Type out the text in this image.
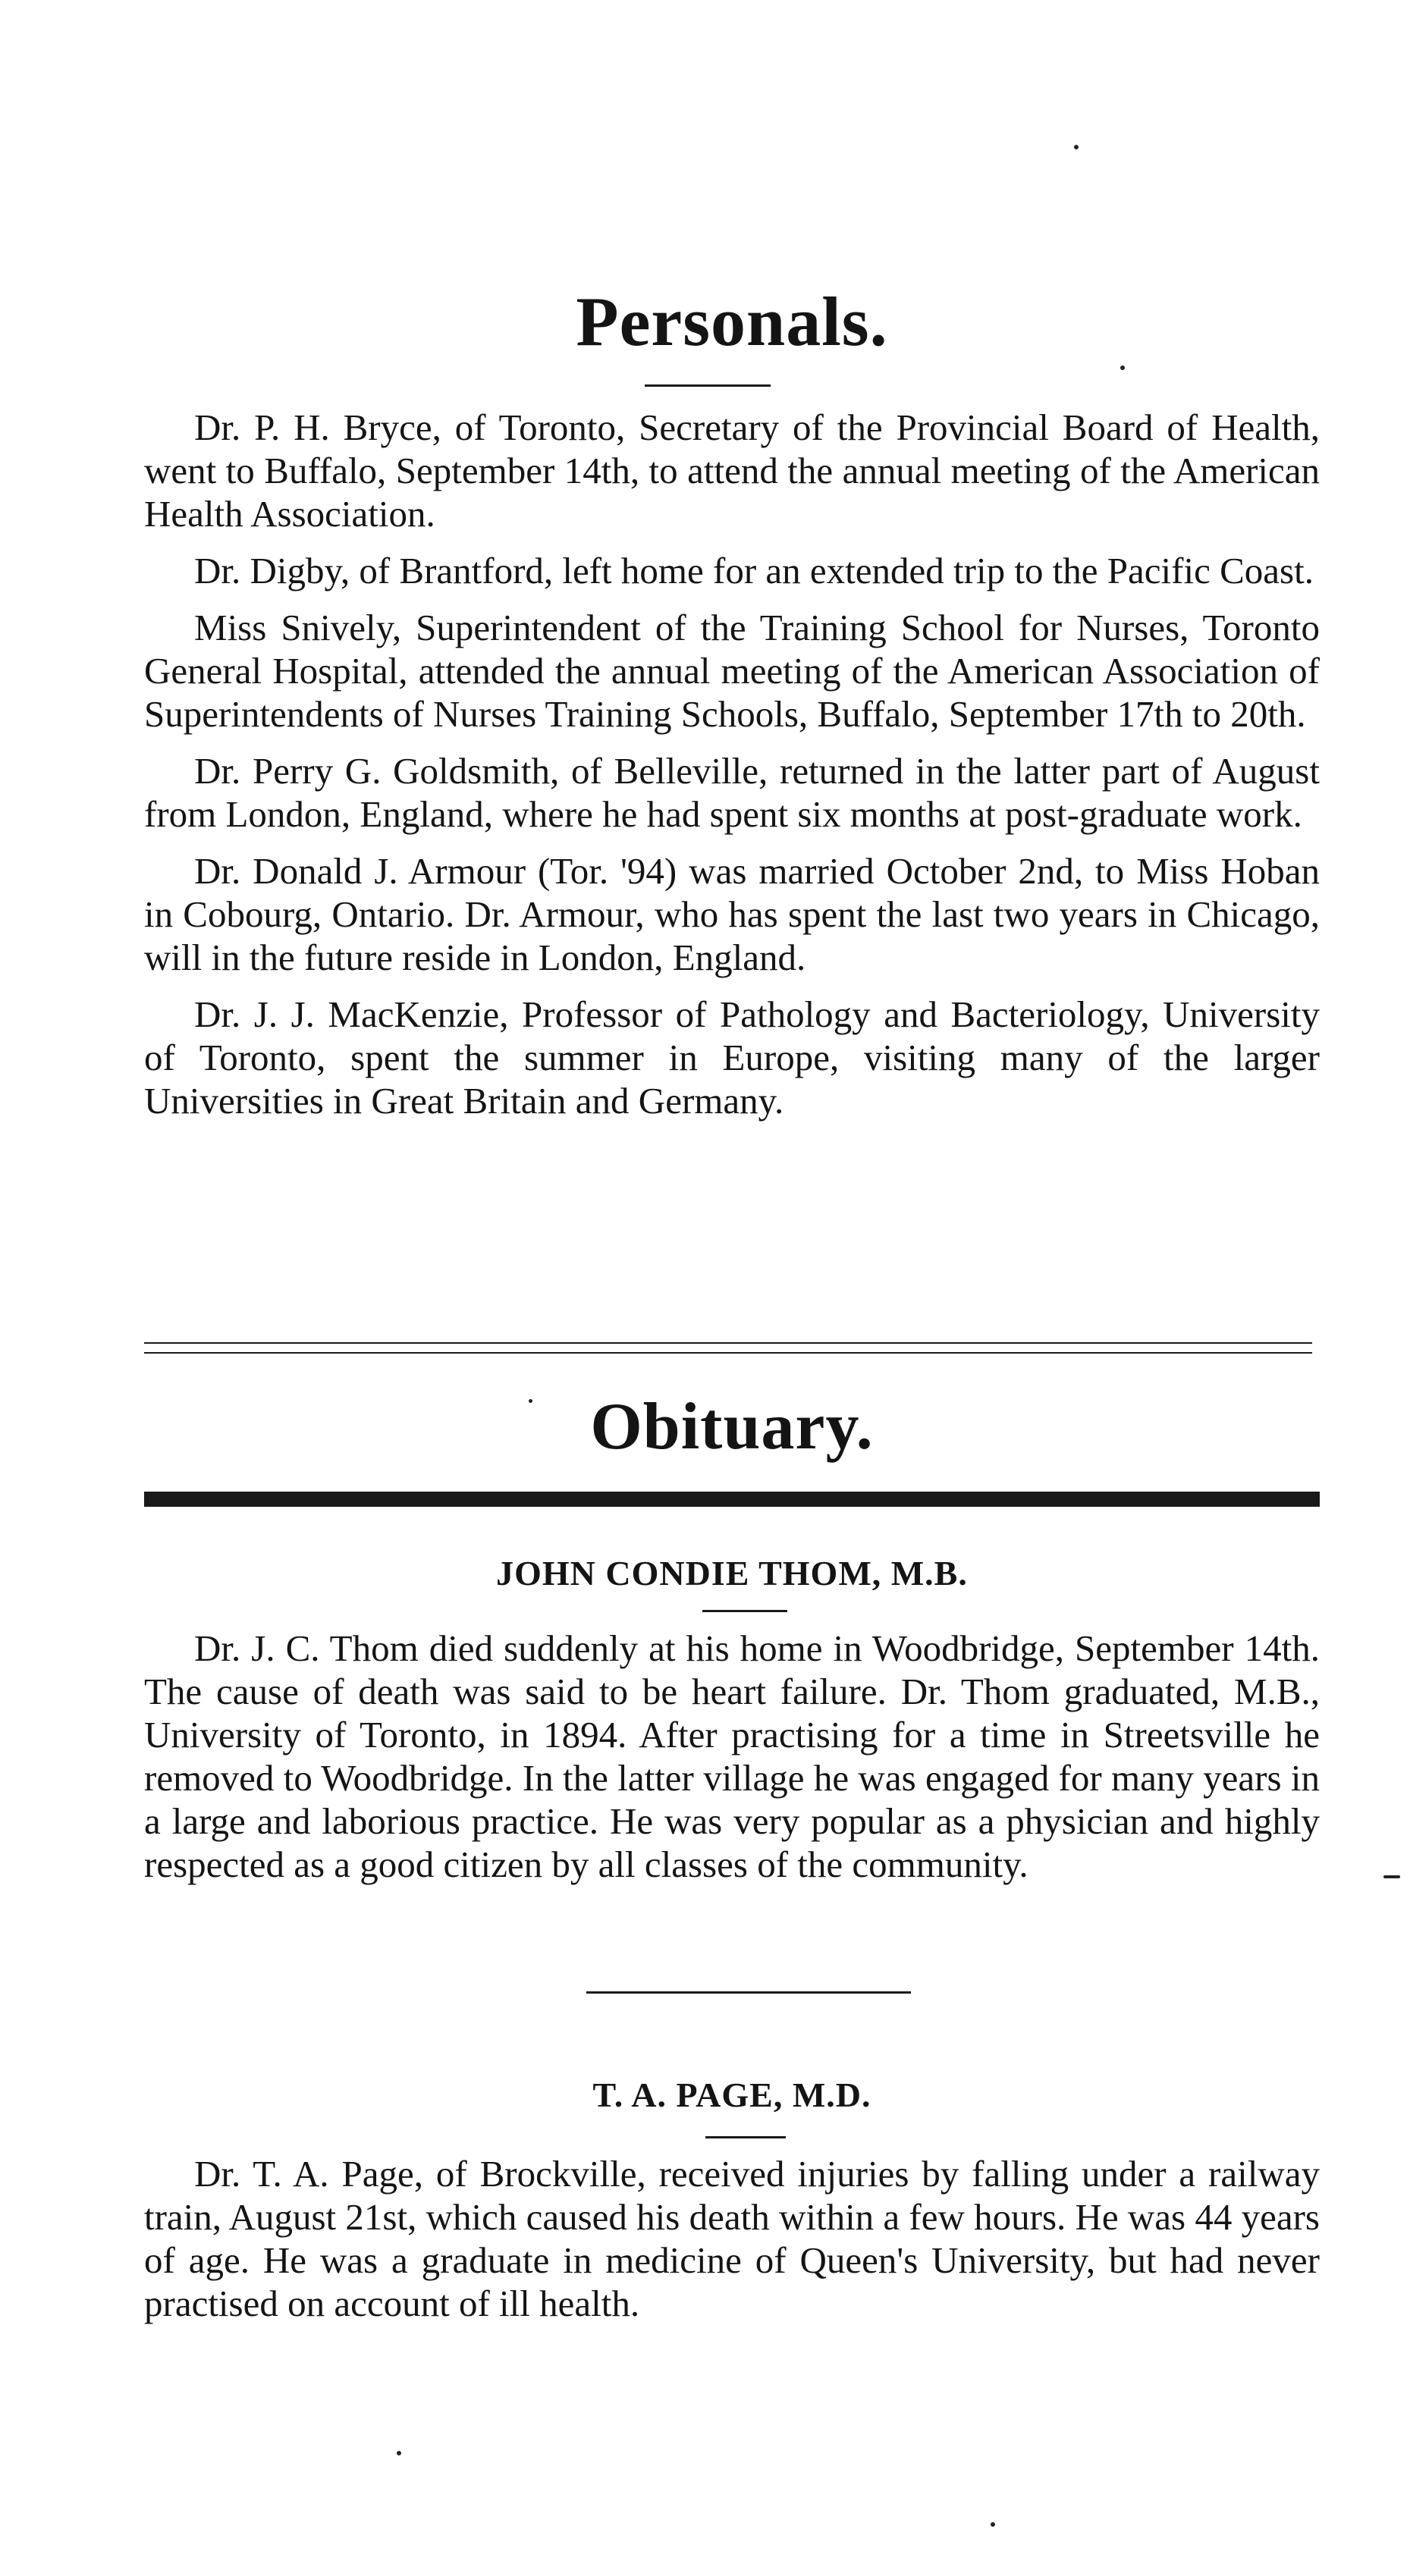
Personals.

Dr. P. H. Bryce, of Toronto, Secretary of the Provincial Board of Health, went to Buffalo, September 14th, to attend the annual meeting of the American Health Association.

Dr. Digby, of Brantford, left home for an extended trip to the Pacific Coast.

Miss Snively, Superintendent of the Training School for Nurses, Toronto General Hospital, attended the annual meeting of the American Association of Superintendents of Nurses Training Schools, Buffalo, September 17th to 20th.

Dr. Perry G. Goldsmith, of Belleville, returned in the latter part of August from London, England, where he had spent six months at post-graduate work.

Dr. Donald J. Armour (Tor. '94) was married October 2nd, to Miss Hoban in Cobourg, Ontario. Dr. Armour, who has spent the last two years in Chicago, will in the future reside in London, England.

Dr. J. J. MacKenzie, Professor of Pathology and Bacteriology, University of Toronto, spent the summer in Europe, visiting many of the larger Universities in Great Britain and Germany.

Obituary.
JOHN CONDIE THOM, M.B.

Dr. J. C. Thom died suddenly at his home in Woodbridge, September 14th. The cause of death was said to be heart failure. Dr. Thom graduated, M.B., University of Toronto, in 1894. After practising for a time in Streetsville he removed to Woodbridge. In the latter village he was engaged for many years in a large and laborious practice. He was very popular as a physician and highly respected as a good citizen by all classes of the community.

T. A. PAGE, M.D.

Dr. T. A. Page, of Brockville, received injuries by falling under a railway train, August 21st, which caused his death within a few hours. He was 44 years of age. He was a graduate in medicine of Queen's University, but had never practised on account of ill health.
